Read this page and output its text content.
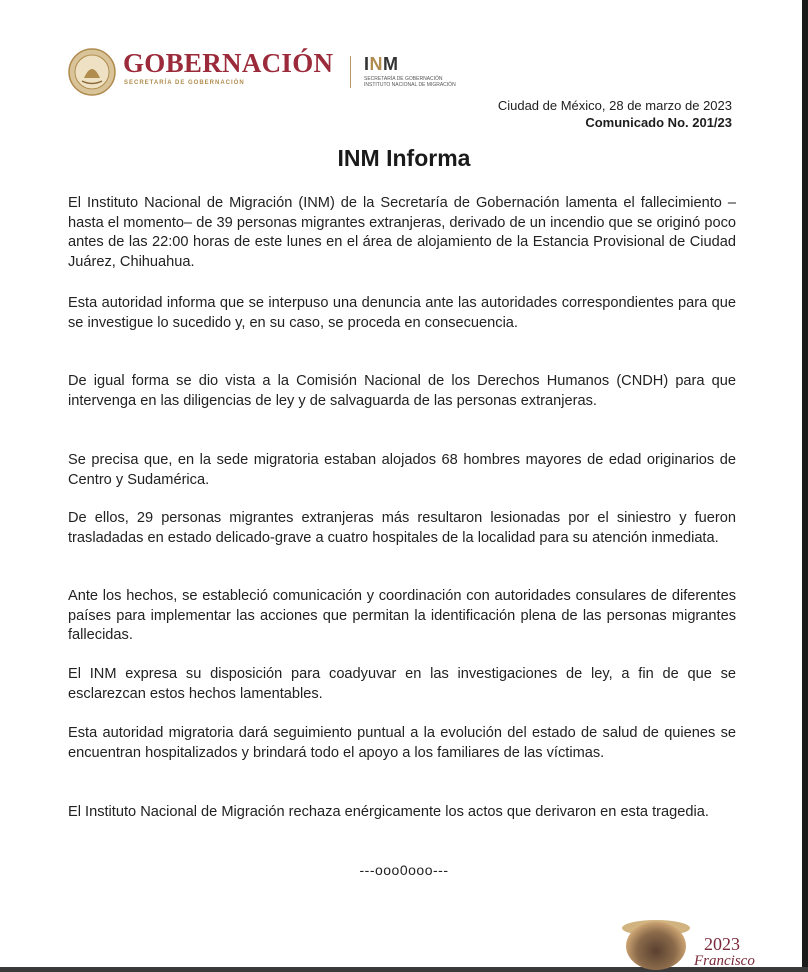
GOBERNACIÓN
SECRETARÍA DE GOBERNACIÓN
INM
SECRETARÍA DE GOBERNACIÓN
INSTITUTO NACIONAL DE MIGRACIÓN
Ciudad de México, 28 de marzo de 2023
Comunicado No. 201/23
INM Informa
El Instituto Nacional de Migración (INM) de la Secretaría de Gobernación lamenta el fallecimiento –hasta el momento– de 39 personas migrantes extranjeras, derivado de un incendio que se originó poco antes de las 22:00 horas de este lunes en el área de alojamiento de la Estancia Provisional de Ciudad Juárez, Chihuahua.
Esta autoridad informa que se interpuso una denuncia ante las autoridades correspondientes para que se investigue lo sucedido y, en su caso, se proceda en consecuencia.
De igual forma se dio vista a la Comisión Nacional de los Derechos Humanos (CNDH) para que intervenga en las diligencias de ley y de salvaguarda de las personas extranjeras.
Se precisa que, en la sede migratoria estaban alojados 68 hombres mayores de edad originarios de Centro y Sudamérica.
De ellos, 29 personas migrantes extranjeras más resultaron lesionadas por el siniestro y fueron trasladadas en estado delicado-grave a cuatro hospitales de la localidad para su atención inmediata.
Ante los hechos, se estableció comunicación y coordinación con autoridades consulares de diferentes países para implementar las acciones que permitan la identificación plena de las personas migrantes fallecidas.
El INM expresa su disposición para coadyuvar en las investigaciones de ley, a fin de que se esclarezcan estos hechos lamentables.
Esta autoridad migratoria dará seguimiento puntual a la evolución del estado de salud de quienes se encuentran hospitalizados y brindará todo el apoyo a los familiares de las víctimas.
El Instituto Nacional de Migración rechaza enérgicamente los actos que derivaron en esta tragedia.
---ooo0ooo---
2023
Francisco
